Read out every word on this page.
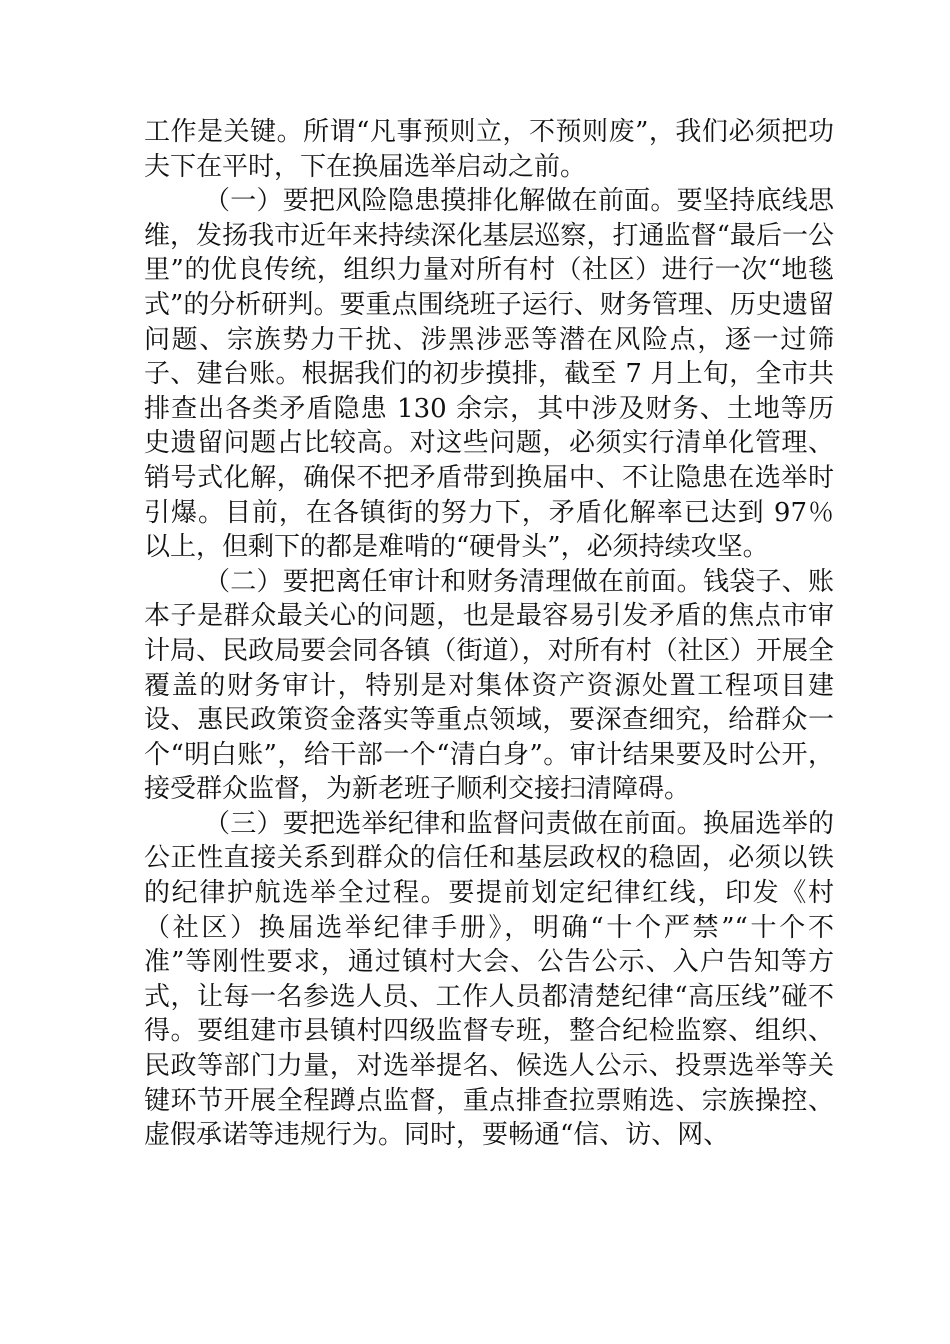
工作是关键。所谓“凡事预则立，不预则废”，我们必须把功夫下在平时，下在换届选举启动之前。

（一）要把风险隐患摸排化解做在前面。要坚持底线思维，发扬我市近年来持续深化基层巡察，打通监督“最后一公里”的优良传统，组织力量对所有村（社区）进行一次“地毯式”的分析研判。要重点围绕班子运行、财务管理、历史遗留问题、宗族势力干扰、涉黑涉恶等潜在风险点，逐一过筛子、建台账。根据我们的初步摸排，截至 7 月上旬，全市共排查出各类矛盾隐患 130 余宗，其中涉及财务、土地等历史遗留问题占比较高。对这些问题，必须实行清单化管理、销号式化解，确保不把矛盾带到换届中、不让隐患在选举时引爆。目前，在各镇街的努力下，矛盾化解率已达到 97％以上，但剩下的都是难啃的“硬骨头”，必须持续攻坚。

（二）要把离任审计和财务清理做在前面。钱袋子、账本子是群众最关心的问题，也是最容易引发矛盾的焦点市审计局、民政局要会同各镇（街道），对所有村（社区）开展全覆盖的财务审计，特别是对集体资产资源处置工程项目建设、惠民政策资金落实等重点领域，要深查细究，给群众一个“明白账”，给干部一个“清白身”。审计结果要及时公开，接受群众监督，为新老班子顺利交接扫清障碍。

（三）要把选举纪律和监督问责做在前面。换届选举的公正性直接关系到群众的信任和基层政权的稳固，必须以铁的纪律护航选举全过程。要提前划定纪律红线，印发《村（社区）换届选举纪律手册》，明确“十个严禁”“十个不准”等刚性要求，通过镇村大会、公告公示、入户告知等方式，让每一名参选人员、工作人员都清楚纪律“高压线”碰不得。要组建市县镇村四级监督专班，整合纪检监察、组织、民政等部门力量，对选举提名、候选人公示、投票选举等关键环节开展全程蹲点监督，重点排查拉票贿选、宗族操控、虚假承诺等违规行为。同时，要畅通“信、访、网、
